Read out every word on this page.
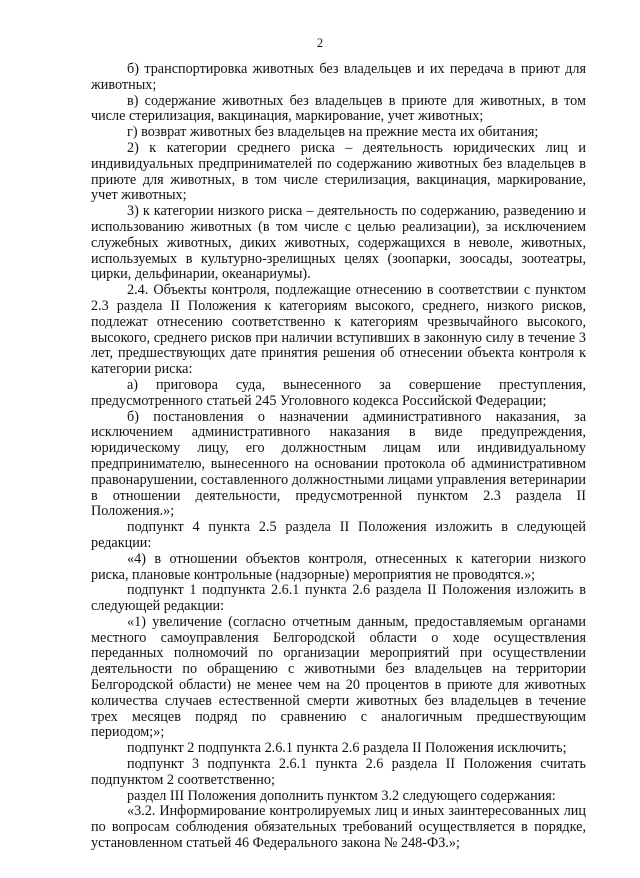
2

б) транспортировка животных без владельцев и их передача в приют для животных;

в) содержание животных без владельцев в приюте для животных, в том числе стерилизация, вакцинация, маркирование, учет животных;

г) возврат животных без владельцев на прежние места их обитания;

2) к категории среднего риска – деятельность юридических лиц и индивидуальных предпринимателей по содержанию животных без владельцев в приюте для животных, в том числе стерилизация, вакцинация, маркирование, учет животных;

3) к категории низкого риска – деятельность по содержанию, разведению и использованию животных (в том числе с целью реализации), за исключением служебных животных, диких животных, содержащихся в неволе, животных, используемых в культурно-зрелищных целях (зоопарки, зоосады, зоотеатры, цирки, дельфинарии, океанариумы).

2.4. Объекты контроля, подлежащие отнесению в соответствии с пунктом 2.3 раздела II Положения к категориям высокого, среднего, низкого рисков, подлежат отнесению соответственно к категориям чрезвычайного высокого, высокого, среднего рисков при наличии вступивших в законную силу в течение 3 лет, предшествующих дате принятия решения об отнесении объекта контроля к категории риска:

а) приговора суда, вынесенного за совершение преступления, предусмотренного статьей 245 Уголовного кодекса Российской Федерации;

б) постановления о назначении административного наказания, за исключением административного наказания в виде предупреждения, юридическому лицу, его должностным лицам или индивидуальному предпринимателю, вынесенного на основании протокола об административном правонарушении, составленного должностными лицами управления ветеринарии в отношении деятельности, предусмотренной пунктом 2.3 раздела II Положения.»;

подпункт 4 пункта 2.5 раздела II Положения изложить в следующей редакции:

«4) в отношении объектов контроля, отнесенных к категории низкого риска, плановые контрольные (надзорные) мероприятия не проводятся.»;

подпункт 1 подпункта 2.6.1 пункта 2.6 раздела II Положения изложить в следующей редакции:

«1) увеличение (согласно отчетным данным, предоставляемым органами местного самоуправления Белгородской области о ходе осуществления переданных полномочий по организации мероприятий при осуществлении деятельности по обращению с животными без владельцев на территории Белгородской области) не менее чем на 20 процентов в приюте для животных количества случаев естественной смерти животных без владельцев в течение трех месяцев подряд по сравнению с аналогичным предшествующим периодом;»;

подпункт 2 подпункта 2.6.1 пункта 2.6 раздела II Положения исключить;

подпункт 3 подпункта 2.6.1 пункта 2.6 раздела II Положения считать подпунктом 2 соответственно;

раздел III Положения дополнить пунктом 3.2 следующего содержания:

«3.2. Информирование контролируемых лиц и иных заинтересованных лиц по вопросам соблюдения обязательных требований осуществляется в порядке, установленном статьей 46 Федерального закона № 248-ФЗ.»;
